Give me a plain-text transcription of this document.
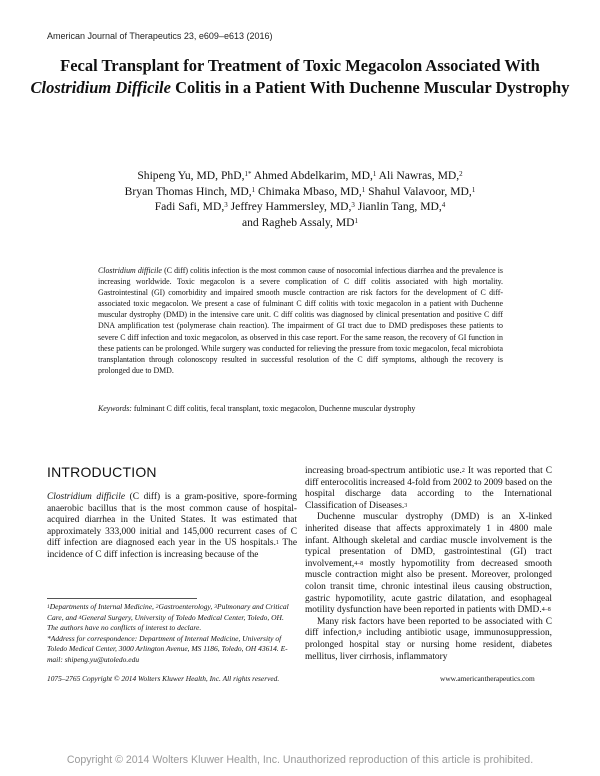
American Journal of Therapeutics 23, e609–e613 (2016)
Fecal Transplant for Treatment of Toxic Megacolon Associated With Clostridium Difficile Colitis in a Patient With Duchenne Muscular Dystrophy
Shipeng Yu, MD, PhD,$^{1*}$ Ahmed Abdelkarim, MD,$^1$ Ali Nawras, MD,$^2$
Bryan Thomas Hinch, MD,$^1$ Chimaka Mbaso, MD,$^1$ Shahul Valavoor, MD,$^1$
Fadi Safi, MD,$^3$ Jeffrey Hammersley, MD,$^3$ Jianlin Tang, MD,$^4$
and Ragheb Assaly, $MD^1$
Clostridium difficile (C diff) colitis infection is the most common cause of nosocomial infectious diarrhea and the prevalence is increasing worldwide. Toxic megacolon is a severe complication of C diff colitis associated with high mortality. Gastrointestinal (GI) comorbidity and impaired smooth muscle contraction are risk factors for the development of C diff-associated toxic megacolon. We present a case of fulminant C diff colitis with toxic megacolon in a patient with Duchenne muscular dystrophy (DMD) in the intensive care unit. C diff colitis was diagnosed by clinical presentation and positive C diff DNA amplification test (polymerase chain reaction). The impairment of GI tract due to DMD predisposes these patients to severe C diff infection and toxic megacolon, as observed in this case report. For the same reason, the recovery of GI function in these patients can be prolonged. While surgery was conducted for relieving the pressure from toxic megacolon, fecal microbiota transplantation through colonoscopy resulted in successful resolution of the C diff symptoms, although the recovery is prolonged due to DMD.
Keywords: fulminant C diff colitis, fecal transplant, toxic megacolon, Duchenne muscular dystrophy
INTRODUCTION
Clostridium difficile (C diff) is a gram-positive, spore-forming anaerobic bacillus that is the most common cause of hospital-acquired diarrhea in the United States. It was estimated that approximately 333,000 initial and 145,000 recurrent cases of C diff infection are diagnosed each year in the US hospitals.$^1$ The incidence of C diff infection is increasing because of the
$^1$Departments of Internal Medicine, $^2$Gastroenterology, $^3$Pulmonary and Critical Care, and $^4$General Surgery, University of Toledo Medical Center, Toledo, OH.
The authors have no conflicts of interest to declare.
*Address for correspondence: Department of Internal Medicine, University of Toledo Medical Center, 3000 Arlington Avenue, MS 1186, Toledo, OH 43614. E-mail: shipeng.yu@utoledo.edu

increasing broad-spectrum antibiotic use.$^2$ It was reported that C diff enterocolitis increased 4-fold from 2002 to 2009 based on the hospital discharge data according to the International Classification of Diseases.$^3$

Duchenne muscular dystrophy (DMD) is an X-linked inherited disease that affects approximately 1 in 4800 male infant. Although skeletal and cardiac muscle involvement is the typical presentation of DMD, gastrointestinal (GI) tract involvement,$^{4-8}$ mostly hypomotility from decreased smooth muscle contraction might also be present. Moreover, prolonged colon transit time, chronic intestinal ileus causing obstruction, gastric hypomotility, acute gastric dilatation, and esophageal motility dysfunction have been reported in patients with DMD.$^{4-8}$

Many risk factors have been reported to be associated with C diff infection,$^9$ including antibiotic usage, immunosuppression, prolonged hospital stay or nursing home resident, diabetes mellitus, liver cirrhosis, inflammatory

1075–2765 Copyright © 2014 Wolters Kluwer Health, Inc. All rights reserved.	www.americantherapeutics.com
Copyright © 2014 Wolters Kluwer Health, Inc. Unauthorized reproduction of this article is prohibited.
